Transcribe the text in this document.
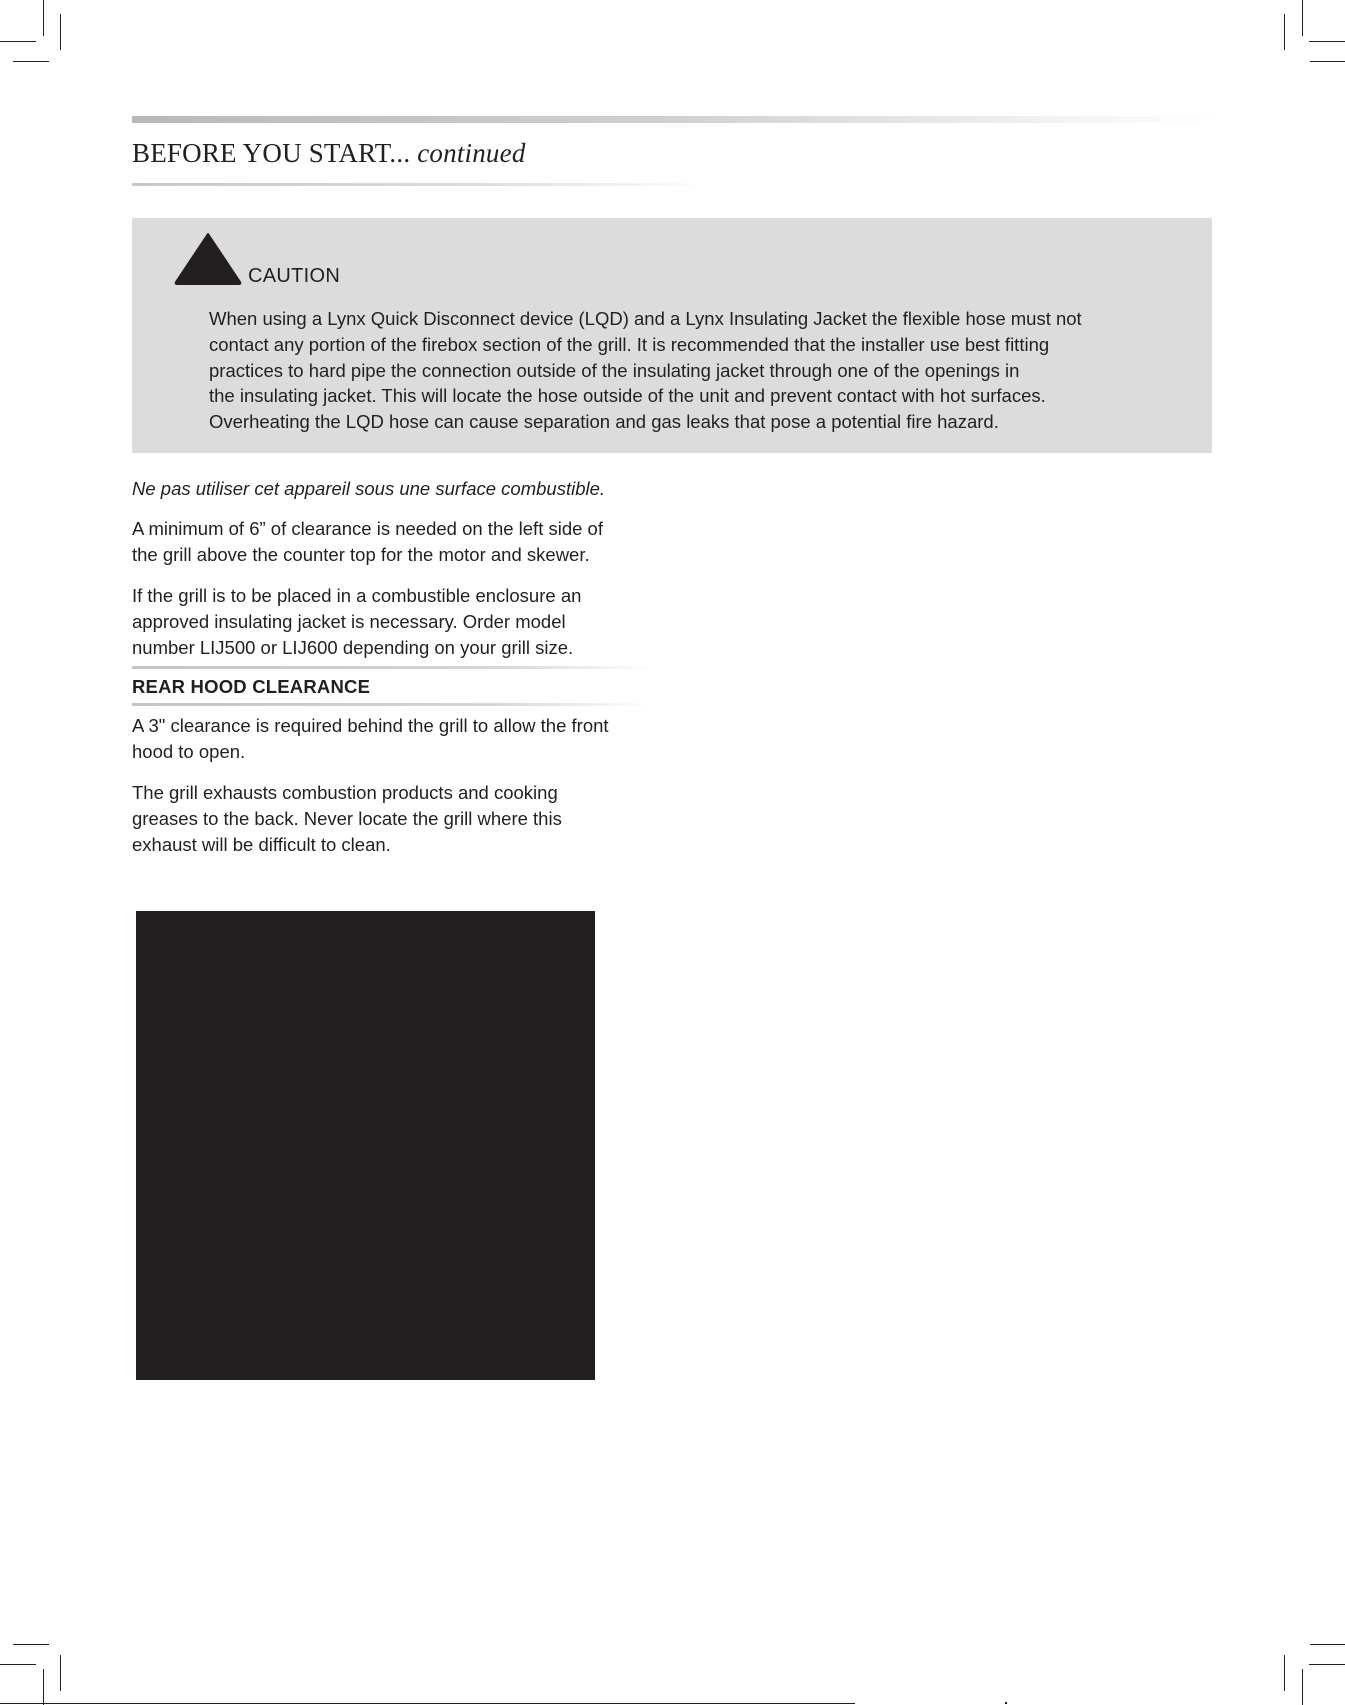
BEFORE YOU START... continued
CAUTION

When using a Lynx Quick Disconnect device (LQD) and a Lynx Insulating Jacket the flexible hose must not
contact any portion of the firebox section of the grill. It is recommended that the installer use best fitting
practices to hard pipe the connection outside of the insulating jacket through one of the openings in
the insulating jacket. This will locate the hose outside of the unit and prevent contact with hot surfaces.
Overheating the LQD hose can cause separation and gas leaks that pose a potential fire hazard.

Ne pas utiliser cet appareil sous une surface combustible.

A minimum of 6” of clearance is needed on the left side of
the grill above the counter top for the motor and skewer.

If the grill is to be placed in a combustible enclosure an
approved insulating jacket is necessary. Order model
number LIJ500 or LIJ600 depending on your grill size.

REAR HOOD CLEARANCE

A 3" clearance is required behind the grill to allow the front
hood to open.

The grill exhausts combustion products and cooking
greases to the back. Never locate the grill where this
exhaust will be difficult to clean.
